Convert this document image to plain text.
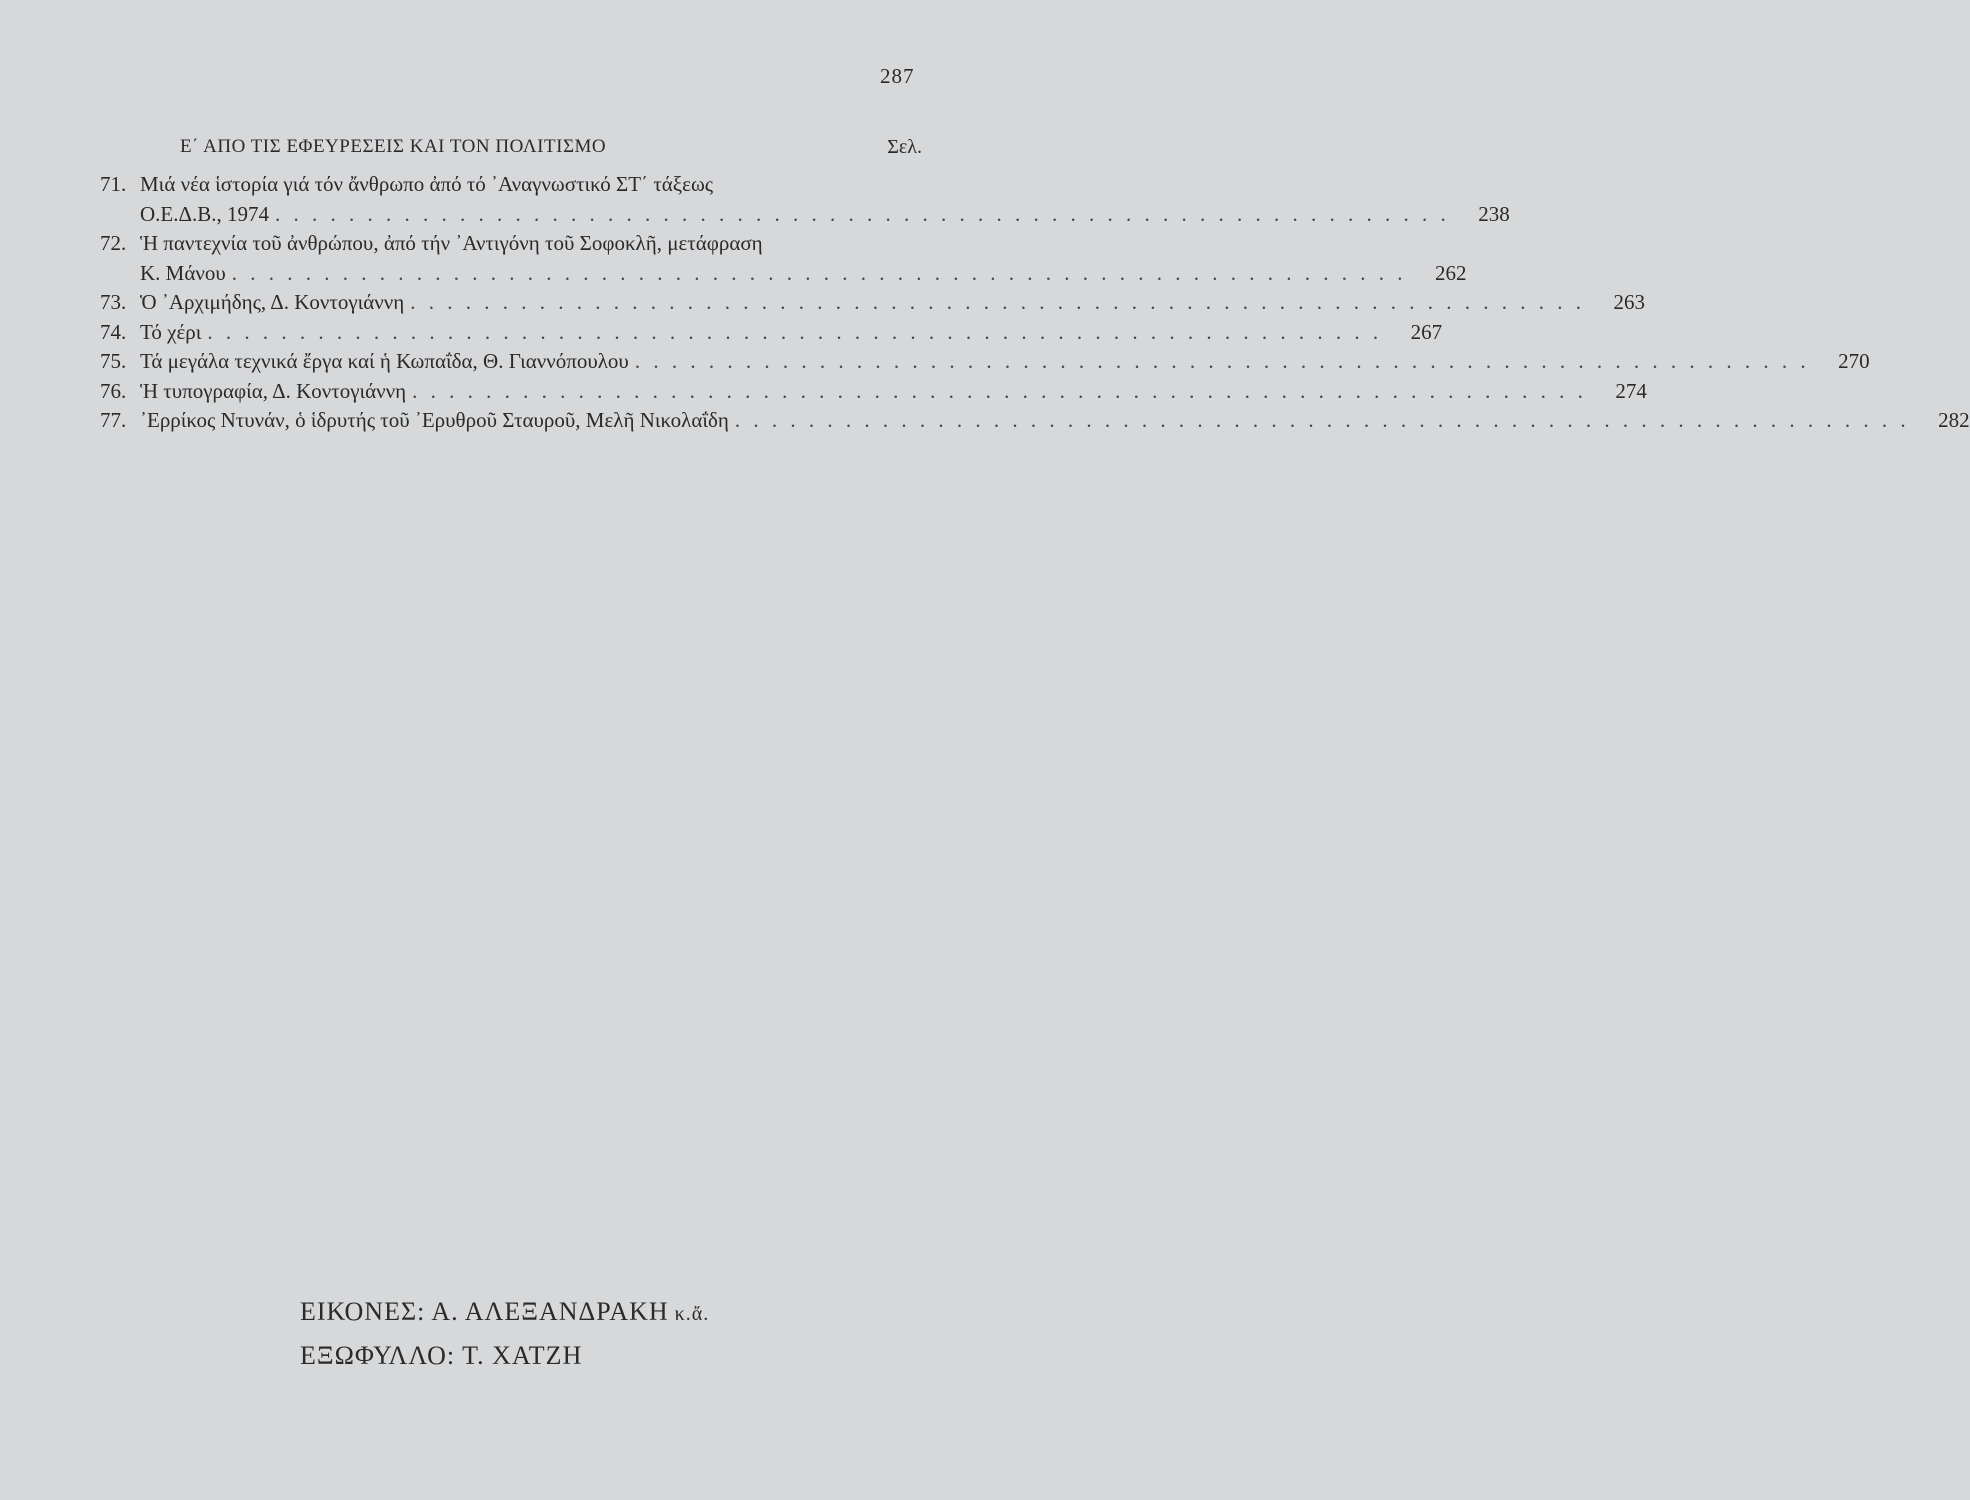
287
Ε΄ ΑΠΟ ΤΙΣ ΕΦΕΥΡΕΣΕΙΣ ΚΑΙ ΤΟΝ ΠΟΛΙΤΙΣΜΟ	Σελ.
71. Μιά νέα ἱστορία γιά τόν ἄνθρωπο ἀπό τό ᾿Αναγνωστικό ΣΤ΄ τάξεως
Ο.Ε.Δ.Β., 1974 . . . . . . . . . . . . . . . . . . . . . . . . . . . . . . . . . . . . . . . . . . . . . . . . . . . . . . . . . . . . . . . .	238
72. Ἡ παντεχνία τοῦ ἀνθρώπου, ἀπό τήν ᾿Αντιγόνη τοῦ Σοφοκλῆ, μετάφραση
Κ. Μάνου . . . . . . . . . . . . . . . . . . . . . . . . . . . . . . . . . . . . . . . . . . . . . . . . . . . . . . . . . . . . . . . .	262
73. Ὁ ᾿Αρχιμήδης, Δ. Κοντογιάννη . . . . . . . . . . . . . . . . . . . . . . . . . . . . . . . . . . . . . . . . . . . . . . . . . . . . . . . . . . . . . . . .	263
74. Τό χέρι . . . . . . . . . . . . . . . . . . . . . . . . . . . . . . . . . . . . . . . . . . . . . . . . . . . . . . . . . . . . . . . .	267
75. Τά μεγάλα τεχνικά ἔργα καί ἡ Κωπαΐδα, Θ. Γιαννόπουλου . . . . . . . . . . . . . . . . . . . . . . . . . . . . . . . . . . . . . . . . . . . . . . . . . . . . . . . . . . . . . . . .	270
76. Ἡ τυπογραφία, Δ. Κοντογιάννη . . . . . . . . . . . . . . . . . . . . . . . . . . . . . . . . . . . . . . . . . . . . . . . . . . . . . . . . . . . . . . . .	274
77. ᾿Ερρίκος Ντυνάν, ὁ ἱδρυτής τοῦ ᾿Ερυθροῦ Σταυροῦ, Μελῆ Νικολαΐδη . . . . . . . . . . . . . . . . . . . . . . . . . . . . . . . . . . . . . . . . . . . . . . . . . . . . . . . . . . . . . . . .	282
ΕΙΚΟΝΕΣ: Α. ΑΛΕΞΑΝΔΡΑΚΗ κ.ἄ.
ΕΞΩΦΥΛΛΟ: Τ. ΧΑΤΖΗ
